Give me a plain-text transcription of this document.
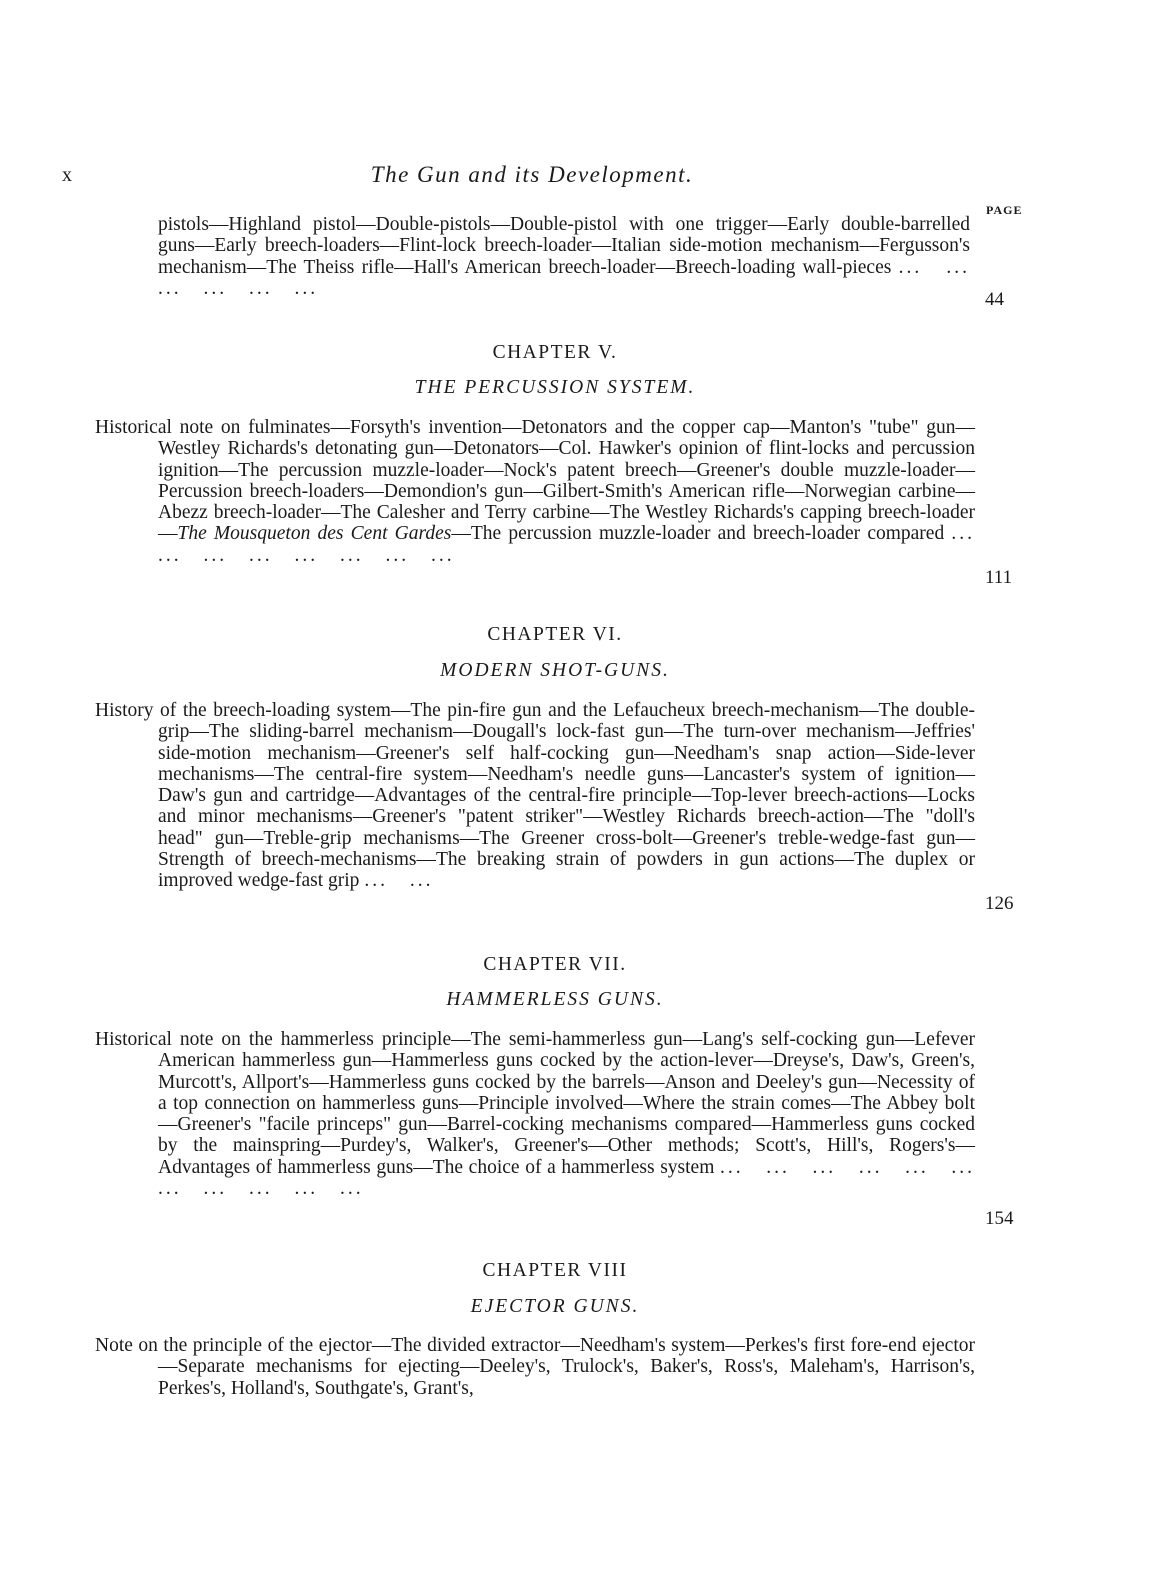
x	The Gun and its Development.
PAGE
pistols—Highland pistol—Double-pistols—Double-pistol with one trigger—Early double-barrelled guns—Early breech-loaders—Flint-lock breech-loader—Italian side-motion mechanism—Fergusson's mechanism—The Theiss rifle—Hall's American breech-loader—Breech-loading wall-pieces ... ... ... ... ... ...
44
CHAPTER V.
THE PERCUSSION SYSTEM.
Historical note on fulminates—Forsyth's invention—Detonators and the copper cap—Manton's "tube" gun—Westley Richards's detonating gun—Detonators—Col. Hawker's opinion of flint-locks and percussion ignition—The percussion muzzle-loader—Nock's patent breech—Greener's double muzzle-loader—Percussion breech-loaders—Demondion's gun—Gilbert-Smith's American rifle—Norwegian carbine—Abezz breech-loader—The Calesher and Terry carbine—The Westley Richards's capping breech-loader—The Mousqueton des Cent Gardes—The percussion muzzle-loader and breech-loader compared ... ... ... ... ... ... ... ...
111
CHAPTER VI.
MODERN SHOT-GUNS.
History of the breech-loading system—The pin-fire gun and the Lefaucheux breech-mechanism—The double-grip—The sliding-barrel mechanism—Dougall's lock-fast gun—The turn-over mechanism—Jeffries' side-motion mechanism—Greener's self half-cocking gun—Needham's snap action—Side-lever mechanisms—The central-fire system—Needham's needle guns—Lancaster's system of ignition—Daw's gun and cartridge—Advantages of the central-fire principle—Top-lever breech-actions—Locks and minor mechanisms—Greener's "patent striker"—Westley Richards breech-action—The "doll's head" gun—Treble-grip mechanisms—The Greener cross-bolt—Greener's treble-wedge-fast gun—Strength of breech-mechanisms—The breaking strain of powders in gun actions—The duplex or improved wedge-fast grip ... ...
126
CHAPTER VII.
HAMMERLESS GUNS.
Historical note on the hammerless principle—The semi-hammerless gun—Lang's self-cocking gun—Lefever American hammerless gun—Hammerless guns cocked by the action-lever—Dreyse's, Daw's, Green's, Murcott's, Allport's—Hammerless guns cocked by the barrels—Anson and Deeley's gun—Necessity of a top connection on hammerless guns—Principle involved—Where the strain comes—The Abbey bolt—Greener's "facile princeps" gun—Barrel-cocking mechanisms compared—Hammerless guns cocked by the mainspring—Purdey's, Walker's, Greener's—Other methods; Scott's, Hill's, Rogers's—Advantages of hammerless guns—The choice of a hammerless system ... ... ... ... ... ... ... ... ... ... ...
154
CHAPTER VIII
EJECTOR GUNS.
Note on the principle of the ejector—The divided extractor—Needham's system—Perkes's first fore-end ejector—Separate mechanisms for ejecting—Deeley's, Trulock's, Baker's, Ross's, Maleham's, Harrison's, Perkes's, Holland's, Southgate's, Grant's,
